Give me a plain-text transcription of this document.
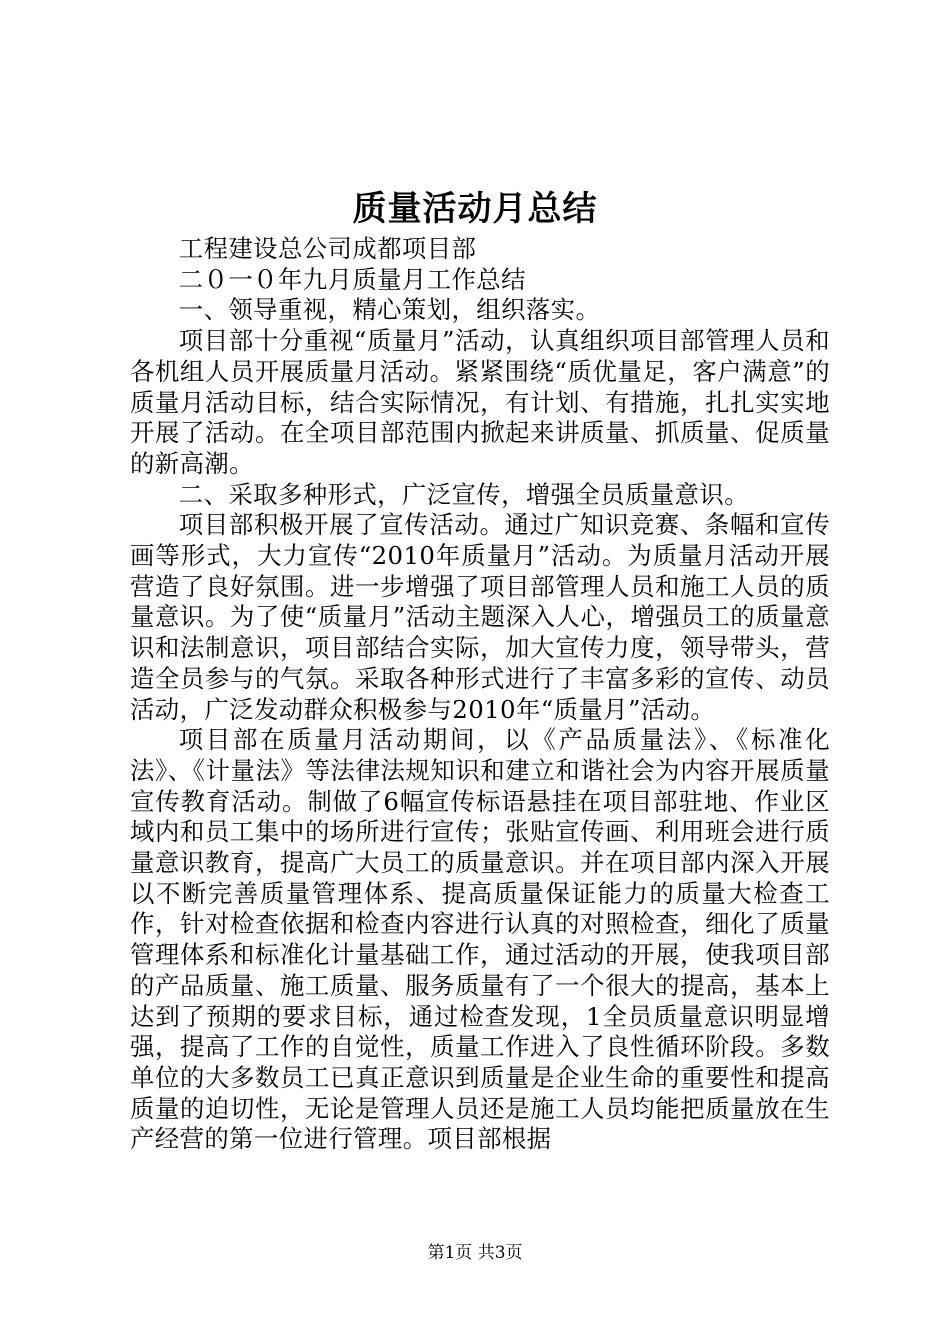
质量活动月总结

工程建设总公司成都项目部

二０一０年九月质量月工作总结

一、领导重视，精心策划，组织落实。

项目部十分重视“质量月”活动，认真组织项目部管理人员和各机组人员开展质量月活动。紧紧围绕“质优量足，客户满意”的质量月活动目标，结合实际情况，有计划、有措施，扎扎实实地开展了活动。在全项目部范围内掀起来讲质量、抓质量、促质量的新高潮。

二、采取多种形式，广泛宣传，增强全员质量意识。

项目部积极开展了宣传活动。通过广知识竞赛、条幅和宣传画等形式，大力宣传“2010年质量月”活动。为质量月活动开展营造了良好氛围。进一步增强了项目部管理人员和施工人员的质量意识。为了使“质量月”活动主题深入人心，增强员工的质量意识和法制意识，项目部结合实际，加大宣传力度，领导带头，营造全员参与的气氛。采取各种形式进行了丰富多彩的宣传、动员活动，广泛发动群众积极参与2010年“质量月”活动。

项目部在质量月活动期间，以《产品质量法》、《标准化法》、《计量法》等法律法规知识和建立和谐社会为内容开展质量宣传教育活动。制做了6幅宣传标语悬挂在项目部驻地、作业区域内和员工集中的场所进行宣传；张贴宣传画、利用班会进行质量意识教育，提高广大员工的质量意识。并在项目部内深入开展以不断完善质量管理体系、提高质量保证能力的质量大检查工作，针对检查依据和检查内容进行认真的对照检查，细化了质量管理体系和标准化计量基础工作，通过活动的开展，使我项目部的产品质量、施工质量、服务质量有了一个很大的提高，基本上达到了预期的要求目标，通过检查发现，1全员质量意识明显增强，提高了工作的自觉性，质量工作进入了良性循环阶段。多数单位的大多数员工已真正意识到质量是企业生命的重要性和提高质量的迫切性，无论是管理人员还是施工人员均能把质量放在生产经营的第一位进行管理。项目部根据

第1页 共3页
